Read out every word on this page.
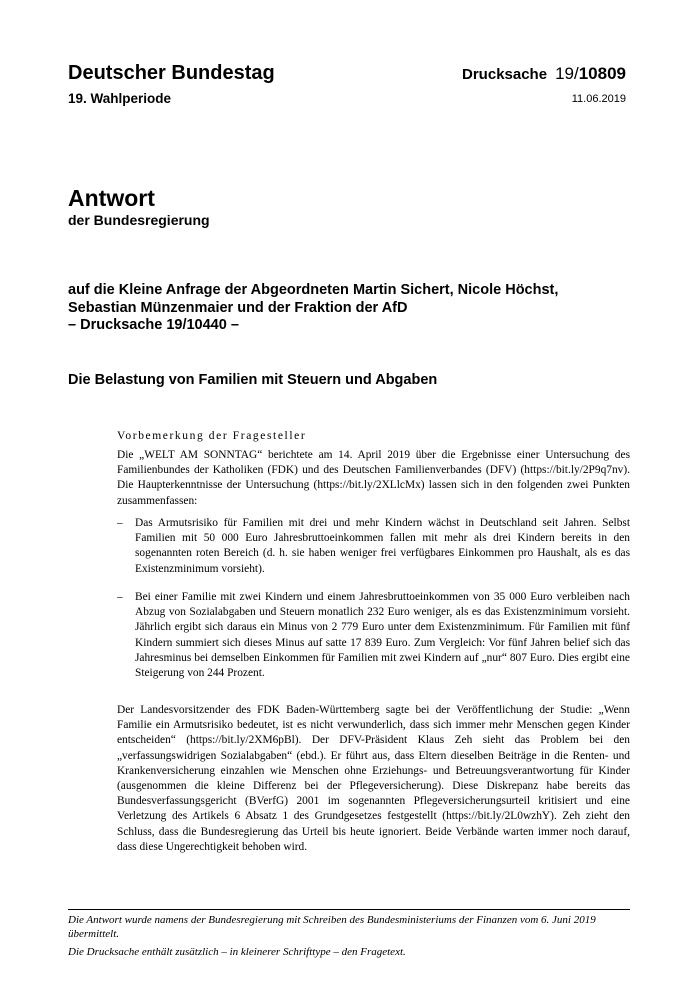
Deutscher Bundestag
19. Wahlperiode
Drucksache 19/10809
11.06.2019
Antwort
der Bundesregierung
auf die Kleine Anfrage der Abgeordneten Martin Sichert, Nicole Höchst,
Sebastian Münzenmaier und der Fraktion der AfD
– Drucksache 19/10440 –
Die Belastung von Familien mit Steuern und Abgaben
Vorbemerkung der Fragesteller
Die „WELT AM SONNTAG“ berichtete am 14. April 2019 über die Ergebnisse einer Untersuchung des Familienbundes der Katholiken (FDK) und des Deutschen Familienverbandes (DFV) (https://bit.ly/2P9q7nv). Die Haupterkenntnisse der Untersuchung (https://bit.ly/2XLlcMx) lassen sich in den folgenden zwei Punkten zusammenfassen:
–	Das Armutsrisiko für Familien mit drei und mehr Kindern wächst in Deutschland seit Jahren. Selbst Familien mit 50 000 Euro Jahresbruttoeinkommen fallen mit mehr als drei Kindern bereits in den sogenannten roten Bereich (d. h. sie haben weniger frei verfügbares Einkommen pro Haushalt, als es das Existenzminimum vorsieht).
–	Bei einer Familie mit zwei Kindern und einem Jahresbruttoeinkommen von 35 000 Euro verbleiben nach Abzug von Sozialabgaben und Steuern monatlich 232 Euro weniger, als es das Existenzminimum vorsieht. Jährlich ergibt sich daraus ein Minus von 2 779 Euro unter dem Existenzminimum. Für Familien mit fünf Kindern summiert sich dieses Minus auf satte 17 839 Euro. Zum Vergleich: Vor fünf Jahren belief sich das Jahresminus bei demselben Einkommen für Familien mit zwei Kindern auf „nur“ 807 Euro. Dies ergibt eine Steigerung von 244 Prozent.
Der Landesvorsitzender des FDK Baden-Württemberg sagte bei der Veröffentlichung der Studie: „Wenn Familie ein Armutsrisiko bedeutet, ist es nicht verwunderlich, dass sich immer mehr Menschen gegen Kinder entscheiden“ (https://bit.ly/2XM6pBl). Der DFV-Präsident Klaus Zeh sieht das Problem bei den „verfassungswidrigen Sozialabgaben“ (ebd.). Er führt aus, dass Eltern dieselben Beiträge in die Renten- und Krankenversicherung einzahlen wie Menschen ohne Erziehungs- und Betreuungsverantwortung für Kinder (ausgenommen die kleine Differenz bei der Pflegeversicherung). Diese Diskrepanz habe bereits das Bundesverfassungsgericht (BVerfG) 2001 im sogenannten Pflegeversicherungsurteil kritisiert und eine Verletzung des Artikels 6 Absatz 1 des Grundgesetzes festgestellt (https://bit.ly/2L0wzhY). Zeh zieht den Schluss, dass die Bundesregierung das Urteil bis heute ignoriert. Beide Verbände warten immer noch darauf, dass diese Ungerechtigkeit behoben wird.
Die Antwort wurde namens der Bundesregierung mit Schreiben des Bundesministeriums der Finanzen vom 6. Juni 2019 übermittelt.
Die Drucksache enthält zusätzlich – in kleinerer Schrifttype – den Fragetext.
